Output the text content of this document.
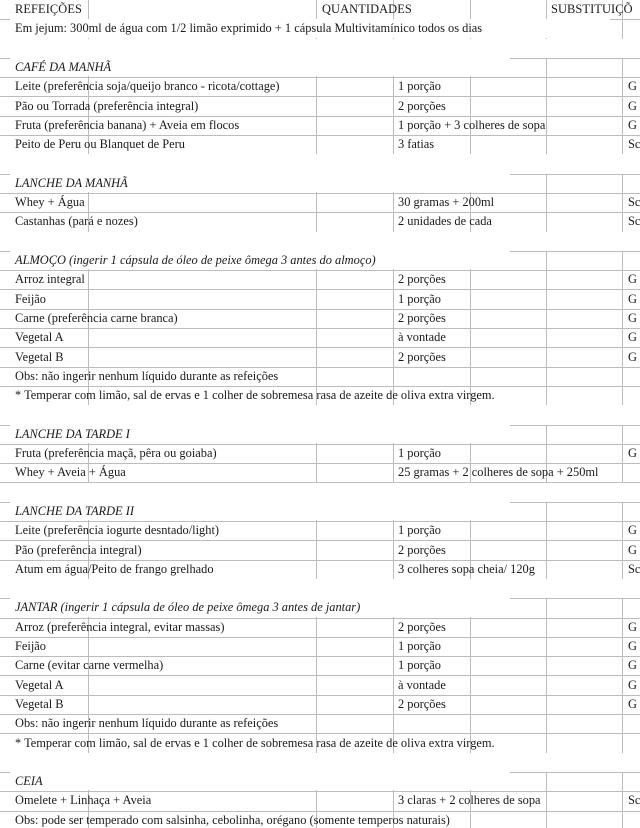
REFEIÇÕES	QUANTIDADES	SUBSTITUIÇÕ
Em jejum: 300ml de água com 1/2 limão exprimido + 1 cápsula Multivitamínico todos os dias
CAFÉ DA MANHÃ
Leite (preferência soja/queijo branco - ricota/cottage)	1 porção	G
Pão ou Torrada (preferência integral)	2 porções	G
Fruta (preferência banana) + Aveia em flocos	1 porção + 3 colheres de sopa	G
Peito de Peru ou Blanquet de Peru	3 fatias	Sc
LANCHE DA MANHÃ
Whey + Água	30 gramas + 200ml	Sc
Castanhas (pará e nozes)	2 unidades de cada	Sc
ALMOÇO (ingerir 1 cápsula de óleo de peixe ômega 3 antes do almoço)
Arroz integral	2 porções	G
Feijão	1 porção	G
Carne (preferência carne branca)	2 porções	G
Vegetal A	à vontade	G
Vegetal B	2 porções	G
Obs: não ingerir nenhum líquido durante as refeições
* Temperar com limão, sal de ervas e 1 colher de sobremesa rasa de azeite de oliva extra virgem.
LANCHE DA TARDE I
Fruta (preferência maçã, pêra ou goiaba)	1 porção	G
Whey + Aveia + Água	25 gramas + 2 colheres de sopa + 250ml
LANCHE DA TARDE II
Leite (preferência iogurte desntado/light)	1 porção	G
Pão (preferência integral)	2 porções	G
Atum em água/Peito de frango grelhado	3 colheres sopa cheia/ 120g	Sc
JANTAR (ingerir 1 cápsula de óleo de peixe ômega 3 antes de jantar)
Arroz (preferência integral, evitar massas)	2 porções	G
Feijão	1 porção	G
Carne (evitar carne vermelha)	1 porção	G
Vegetal A	à vontade	G
Vegetal B	2 porções	G
Obs: não ingerir nenhum líquido durante as refeições
* Temperar com limão, sal de ervas e 1 colher de sobremesa rasa de azeite de oliva extra virgem.
CEIA
Omelete + Linhaça + Aveia	3 claras + 2 colheres de sopa	Sc
Obs: pode ser temperado com salsinha, cebolinha, orégano (somente temperos naturais)
